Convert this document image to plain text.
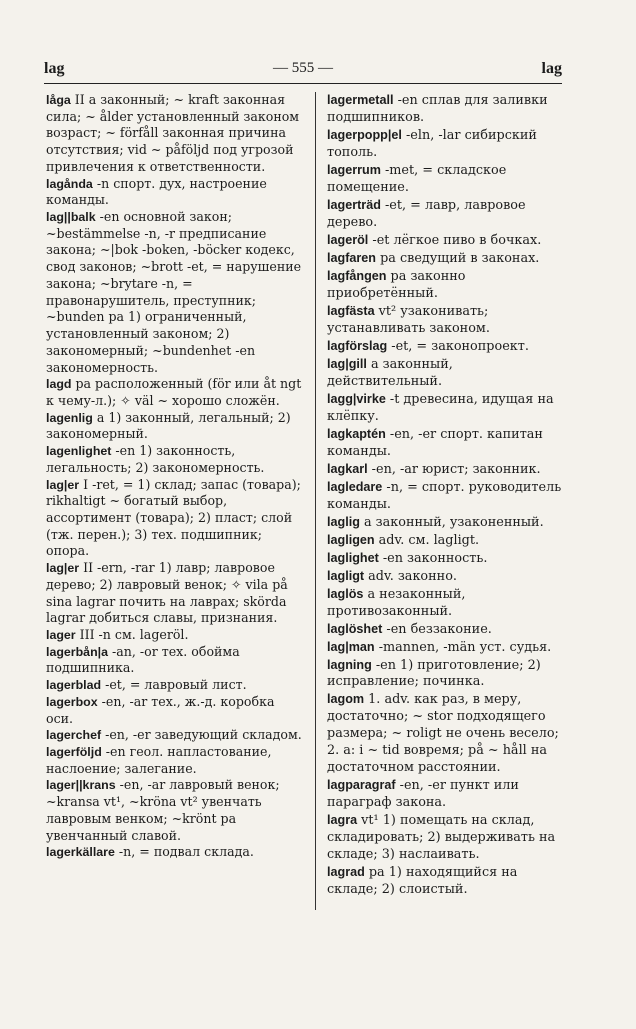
lag	— 555 —	lag

låga II a законный; ~ kraft законная сила; ~ ålder установленный законом возраст; ~ förfåll законная причина отсутствия; vid ~ påföljd под угрозой привлечения к ответственности.

lagånda -n спорт. дух, настроение команды.

lag||balk -en основной закон; ~bestämmelse -n, -r предписание закона; ~|bok -boken, -böcker кодекс, свод законов; ~brott -et, = нарушение закона; ~brytare -n, = правонарушитель, преступник; ~bunden pa 1) ограниченный, установленный законом; 2) закономерный; ~bundenhet -en закономерность.

lagd pa расположенный (för или åt ngt к чему-л.); ✧ väl ~ хорошо сложён.

lagenlig a 1) законный, легальный; 2) закономерный.

lagenlighet -en 1) законность, легальность; 2) закономерность.

lag|er I -ret, = 1) склад; запас (товара); rikhaltigt ~ богатый выбор, ассортимент (товара); 2) пласт; слой (тж. перен.); 3) тех. подшипник; опора.

lag|er II -ern, -rar 1) лавр; лавровое дерево; 2) лавровый венок; ✧ vila på sina lagrar почить на лаврах; skörda lagrar добиться славы, признания.

lager III -n см. lageröl.

lagerbån|a -an, -or тех. обойма подшипника.

lagerblad -et, = лавровый лист.

lagerbox -en, -ar тех., ж.-д. коробка оси.

lagerchef -en, -er заведующий складом.

lagerföljd -en геол. напластование, наслоение; залегание.

lager||krans -en, -ar лавровый венок; ~kransa vt¹, ~kröna vt² увенчать лавровым венком; ~krönt pa увенчанный славой.

lagerkällare -n, = подвал склада.

lagermetall -en сплав для заливки подшипников.

lagerpopp|el -eln, -lar сибирский тополь.

lagerrum -met, = складское помещение.

lagerträd -et, = лавр, лавровое дерево.

lageröl -et лёгкое пиво в бочках.

lagfaren pa сведущий в законах.

lagfången pa законно приобретённый.

lagfästa vt² узаконивать; устанавливать законом.

lagförslag -et, = законопроект.

lag|gill a законный, действительный.

lagg|virke -t древесина, идущая на клёпку.

lagkaptén -en, -er спорт. капитан команды.

lagkarl -en, -ar юрист; законник.

lagledare -n, = спорт. руководитель команды.

laglig a законный, узаконенный.

lagligen adv. см. lagligt.

laglighet -en законность.

lagligt adv. законно.

laglös a незаконный, противозаконный.

laglöshet -en беззаконие.

lag|man -mannen, -män уст. судья.

lagning -en 1) приготовление; 2) исправление; починка.

lagom 1. adv. как раз, в меру, достаточно; ~ stor подходящего размера; ~ roligt не очень весело; 2. a: i ~ tid вовремя; på ~ håll на достаточном расстоянии.

lagparagraf -en, -er пункт или параграф закона.

lagra vt¹ 1) помещать на склад, складировать; 2) выдерживать на складе; 3) наслаивать.

lagrad pa 1) находящийся на складе; 2) слоистый.
